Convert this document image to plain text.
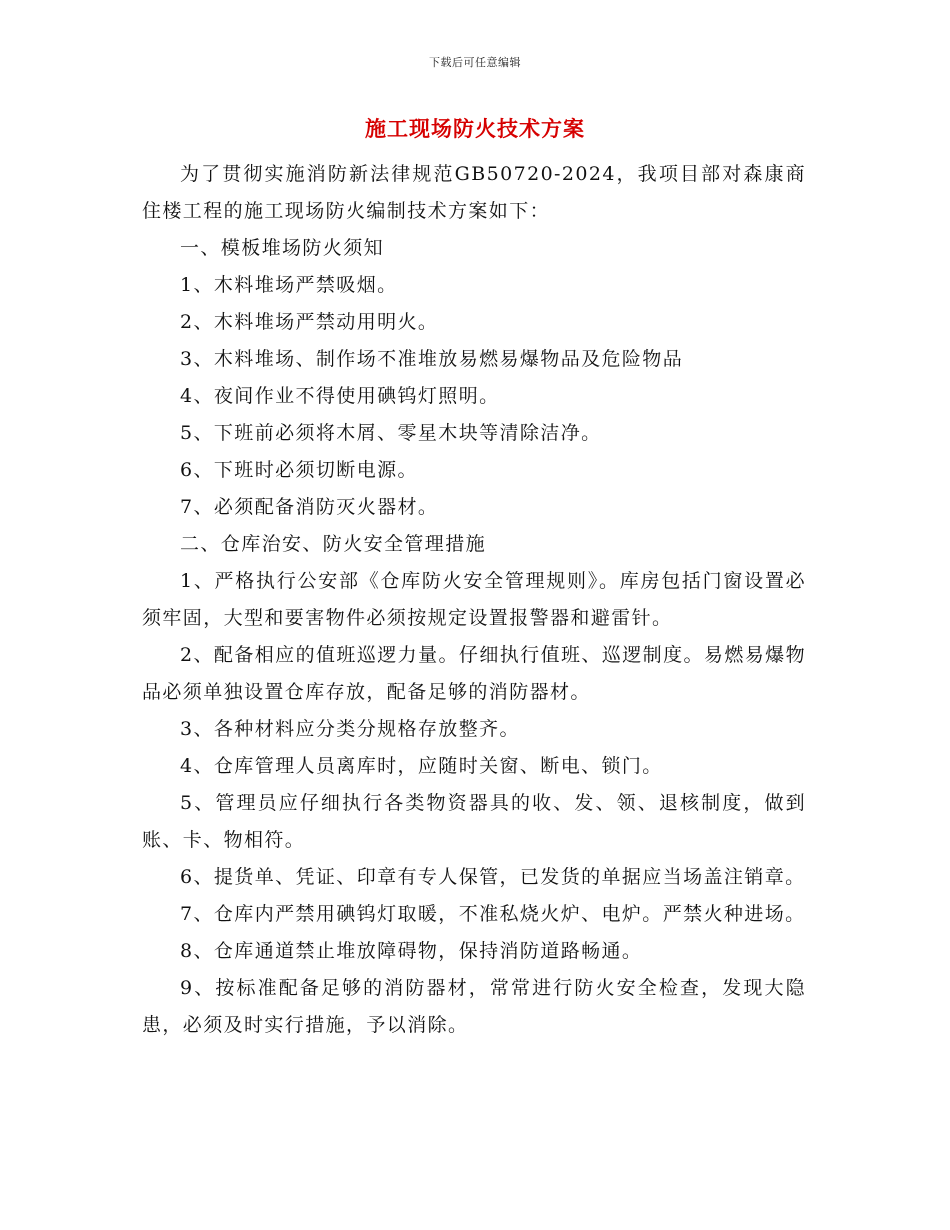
下载后可任意编辑
施工现场防火技术方案

为了贯彻实施消防新法律规范GB50720-2024，我项目部对森康商住楼工程的施工现场防火编制技术方案如下：

一、模板堆场防火须知

1、木料堆场严禁吸烟。

2、木料堆场严禁动用明火。

3、木料堆场、制作场不准堆放易燃易爆物品及危险物品

4、夜间作业不得使用碘钨灯照明。

5、下班前必须将木屑、零星木块等清除洁净。

6、下班时必须切断电源。

7、必须配备消防灭火器材。

二、仓库治安、防火安全管理措施

1、严格执行公安部《仓库防火安全管理规则》。库房包括门窗设置必须牢固，大型和要害物件必须按规定设置报警器和避雷针。

2、配备相应的值班巡逻力量。仔细执行值班、巡逻制度。易燃易爆物品必须单独设置仓库存放，配备足够的消防器材。

3、各种材料应分类分规格存放整齐。

4、仓库管理人员离库时，应随时关窗、断电、锁门。

5、管理员应仔细执行各类物资器具的收、发、领、退核制度，做到账、卡、物相符。

6、提货单、凭证、印章有专人保管，已发货的单据应当场盖注销章。

7、仓库内严禁用碘钨灯取暖，不准私烧火炉、电炉。严禁火种进场。

8、仓库通道禁止堆放障碍物，保持消防道路畅通。

9、按标准配备足够的消防器材，常常进行防火安全检查，发现大隐患，必须及时实行措施，予以消除。
